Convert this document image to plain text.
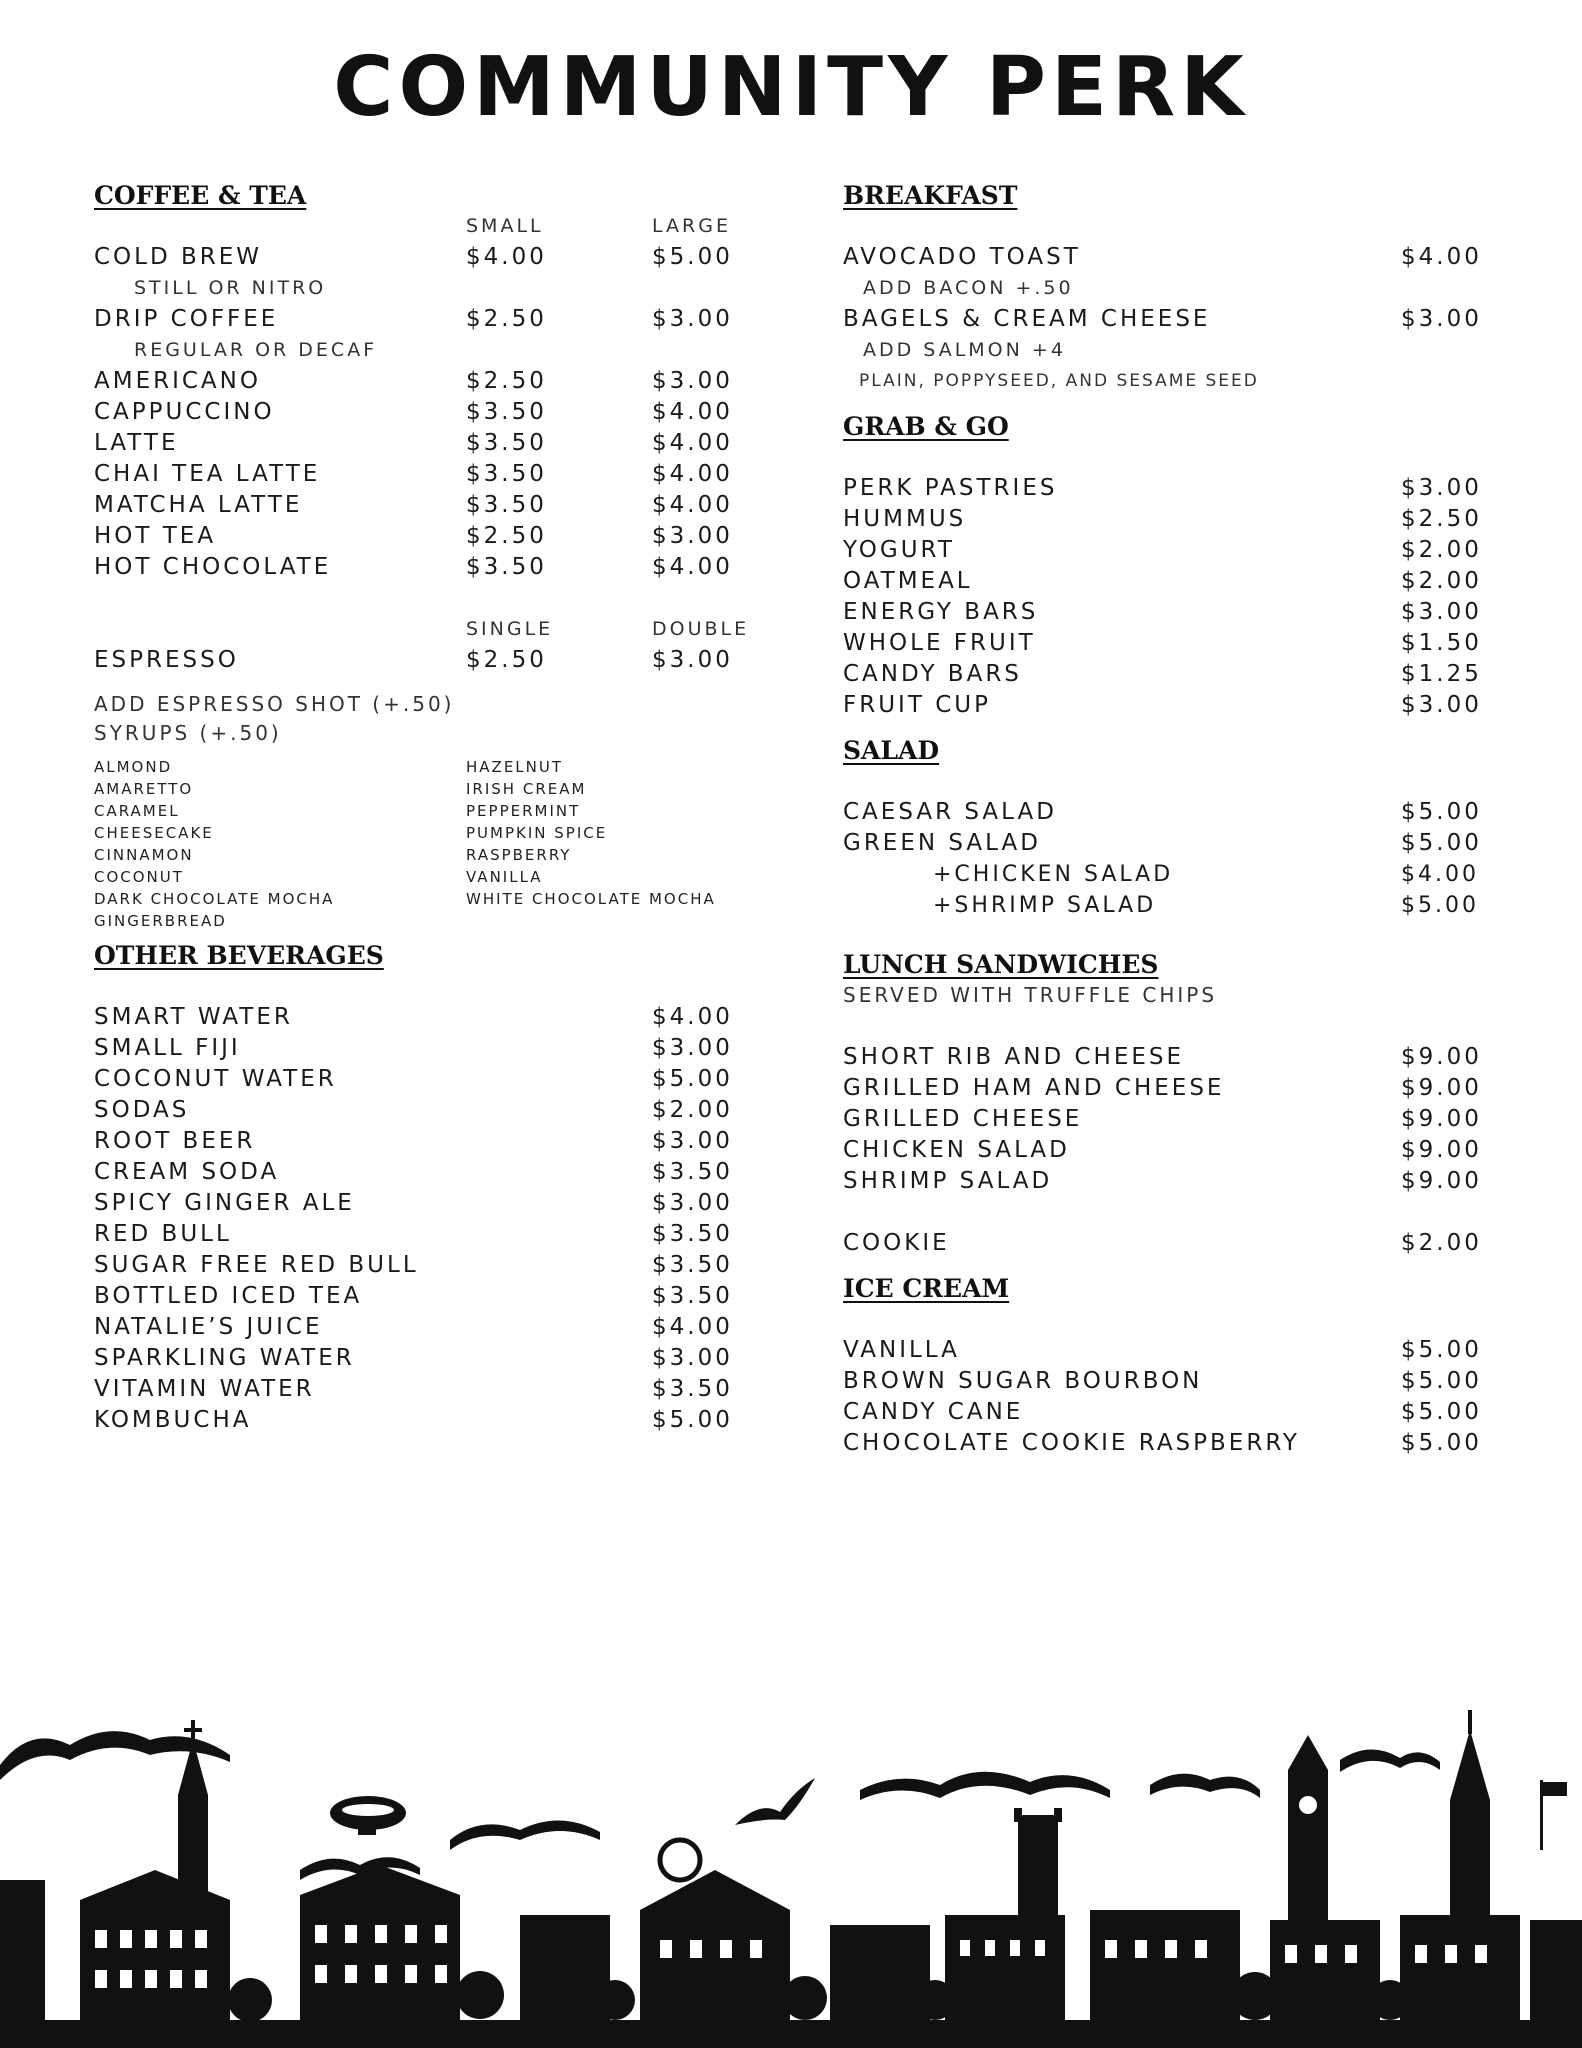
COMMUNITY PERK
COFFEE & TEA
SMALL	LARGE
COLD BREW	$4.00	$5.00
STILL OR NITRO
DRIP COFFEE	$2.50	$3.00
REGULAR OR DECAF
AMERICANO	$2.50	$3.00
CAPPUCCINO	$3.50	$4.00
LATTE	$3.50	$4.00
CHAI TEA LATTE	$3.50	$4.00
MATCHA LATTE	$3.50	$4.00
HOT TEA	$2.50	$3.00
HOT CHOCOLATE	$3.50	$4.00
SINGLE	DOUBLE
ESPRESSO	$2.50	$3.00
ADD ESPRESSO SHOT (+.50)
SYRUPS (+.50)
ALMOND
AMARETTO
CARAMEL
CHEESECAKE
CINNAMON
COCONUT
DARK CHOCOLATE MOCHA
GINGERBREAD
HAZELNUT
IRISH CREAM
PEPPERMINT
PUMPKIN SPICE
RASPBERRY
VANILLA
WHITE CHOCOLATE MOCHA
OTHER BEVERAGES
SMART WATER	$4.00
SMALL FIJI	$3.00
COCONUT WATER	$5.00
SODAS	$2.00
ROOT BEER	$3.00
CREAM SODA	$3.50
SPICY GINGER ALE	$3.00
RED BULL	$3.50
SUGAR FREE RED BULL	$3.50
BOTTLED ICED TEA	$3.50
NATALIE’S JUICE	$4.00
SPARKLING WATER	$3.00
VITAMIN WATER	$3.50
KOMBUCHA	$5.00
BREAKFAST
AVOCADO TOAST	$4.00
ADD BACON +.50
BAGELS & CREAM CHEESE	$3.00
ADD SALMON +4
PLAIN, POPPYSEED, AND SESAME SEED
GRAB & GO
PERK PASTRIES	$3.00
HUMMUS	$2.50
YOGURT	$2.00
OATMEAL	$2.00
ENERGY BARS	$3.00
WHOLE FRUIT	$1.50
CANDY BARS	$1.25
FRUIT CUP	$3.00
SALAD
CAESAR SALAD	$5.00
GREEN SALAD	$5.00
+CHICKEN SALAD	$4.00
+SHRIMP SALAD	$5.00
LUNCH SANDWICHES
SERVED WITH TRUFFLE CHIPS
SHORT RIB AND CHEESE	$9.00
GRILLED HAM AND CHEESE	$9.00
GRILLED CHEESE	$9.00
CHICKEN SALAD	$9.00
SHRIMP SALAD	$9.00
COOKIE	$2.00
ICE CREAM
VANILLA	$5.00
BROWN SUGAR BOURBON	$5.00
CANDY CANE	$5.00
CHOCOLATE COOKIE RASPBERRY	$5.00
